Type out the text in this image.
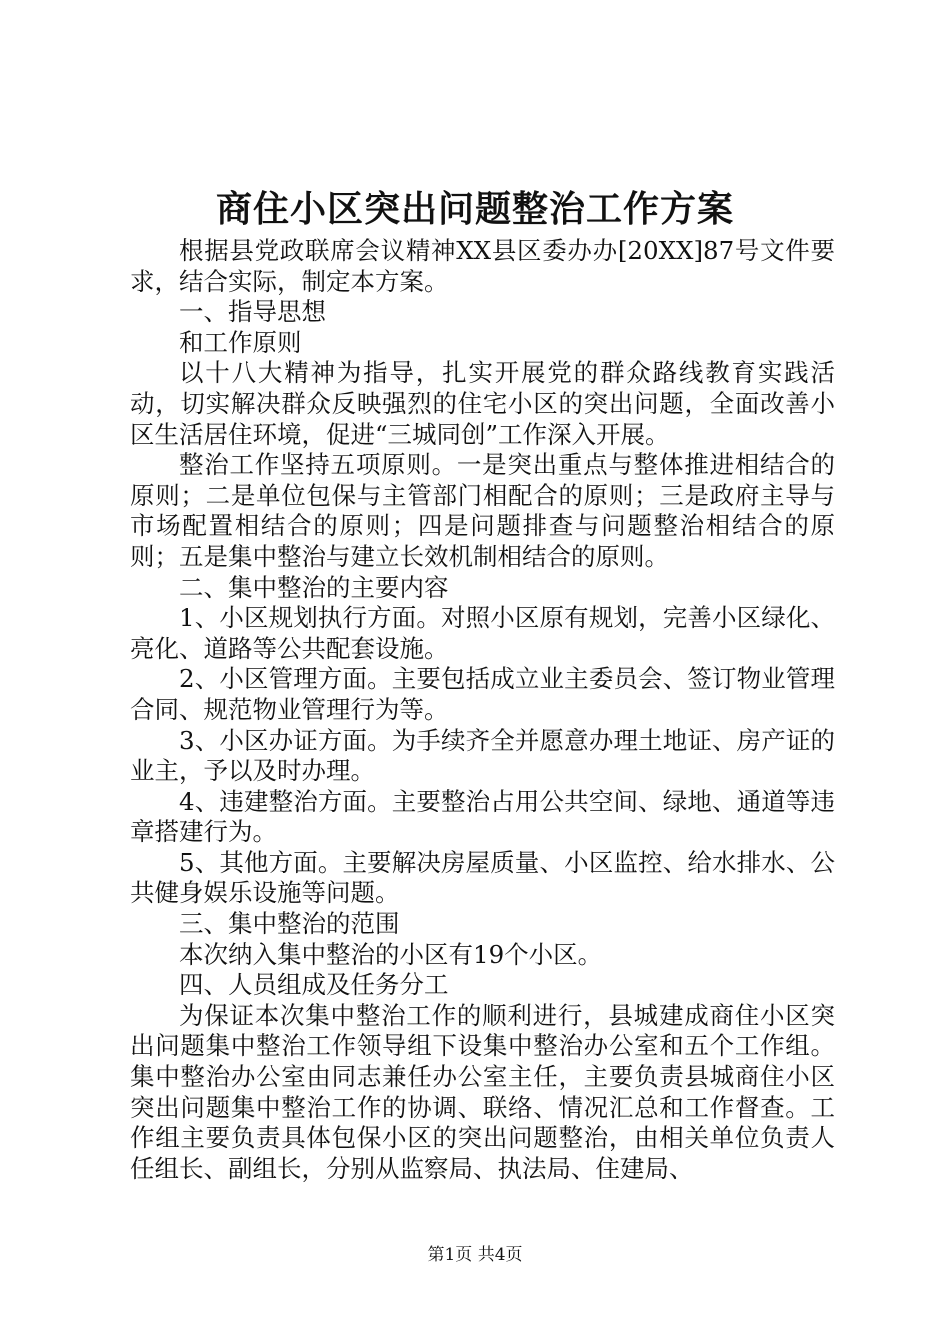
商住小区突出问题整治工作方案

根据县党政联席会议精神XX县区委办办[20XX]87号文件要求，结合实际，制定本方案。

一、指导思想

和工作原则

以十八大精神为指导，扎实开展党的群众路线教育实践活动，切实解决群众反映强烈的住宅小区的突出问题，全面改善小区生活居住环境，促进“三城同创”工作深入开展。

整治工作坚持五项原则。一是突出重点与整体推进相结合的原则；二是单位包保与主管部门相配合的原则；三是政府主导与市场配置相结合的原则；四是问题排查与问题整治相结合的原则；五是集中整治与建立长效机制相结合的原则。

二、集中整治的主要内容

1、小区规划执行方面。对照小区原有规划，完善小区绿化、亮化、道路等公共配套设施。

2、小区管理方面。主要包括成立业主委员会、签订物业管理合同、规范物业管理行为等。

3、小区办证方面。为手续齐全并愿意办理土地证、房产证的业主，予以及时办理。

4、违建整治方面。主要整治占用公共空间、绿地、通道等违章搭建行为。

5、其他方面。主要解决房屋质量、小区监控、给水排水、公共健身娱乐设施等问题。

三、集中整治的范围

本次纳入集中整治的小区有19个小区。

四、人员组成及任务分工

为保证本次集中整治工作的顺利进行，县城建成商住小区突出问题集中整治工作领导组下设集中整治办公室和五个工作组。集中整治办公室由同志兼任办公室主任，主要负责县城商住小区突出问题集中整治工作的协调、联络、情况汇总和工作督查。工作组主要负责具体包保小区的突出问题整治，由相关单位负责人任组长、副组长，分别从监察局、执法局、住建局、

第1页 共4页
